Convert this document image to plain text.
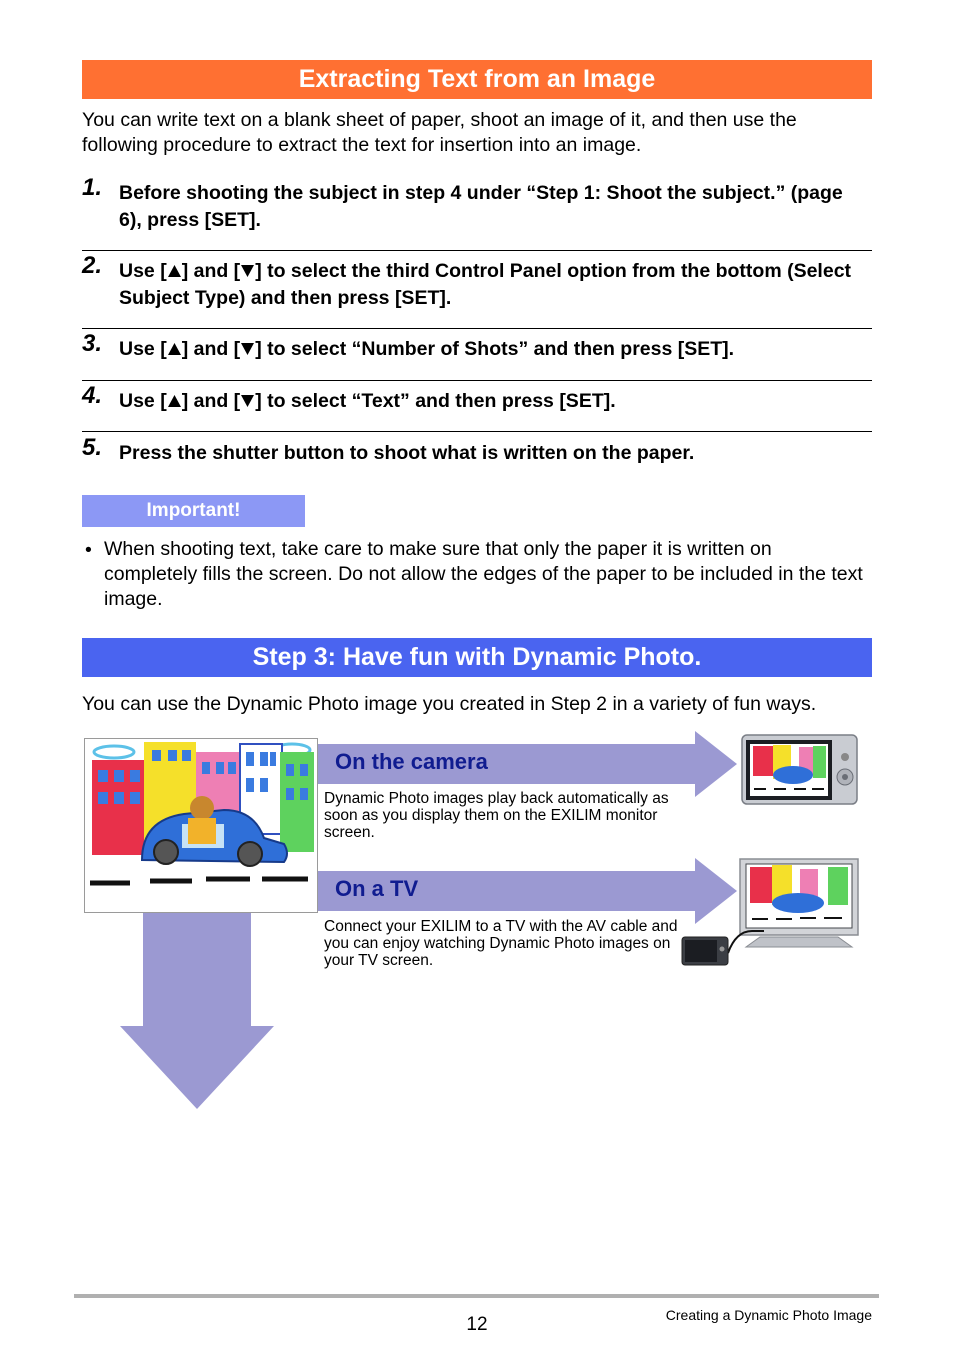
Extracting Text from an Image
You can write text on a blank sheet of paper, shoot an image of it, and then use the following procedure to extract the text for insertion into an image.
1. Before shooting the subject in step 4 under “Step 1: Shoot the subject.” (page 6), press [SET].
2. Use [ ] and [ ] to select the third Control Panel option from the bottom (Select Subject Type) and then press [SET].
3. Use [ ] and [ ] to select “Number of Shots” and then press [SET].
4. Use [ ] and [ ] to select “Text” and then press [SET].
5. Press the shutter button to shoot what is written on the paper.
Important!
• When shooting text, take care to make sure that only the paper it is written on completely fills the screen. Do not allow the edges of the paper to be included in the text image.
Step 3: Have fun with Dynamic Photo.
You can use the Dynamic Photo image you created in Step 2 in a variety of fun ways.
On the camera
Dynamic Photo images play back automatically as soon as you display them on the EXILIM monitor screen.
On a TV
Connect your EXILIM to a TV with the AV cable and you can enjoy watching Dynamic Photo images on your TV screen.
12	Creating a Dynamic Photo Image
